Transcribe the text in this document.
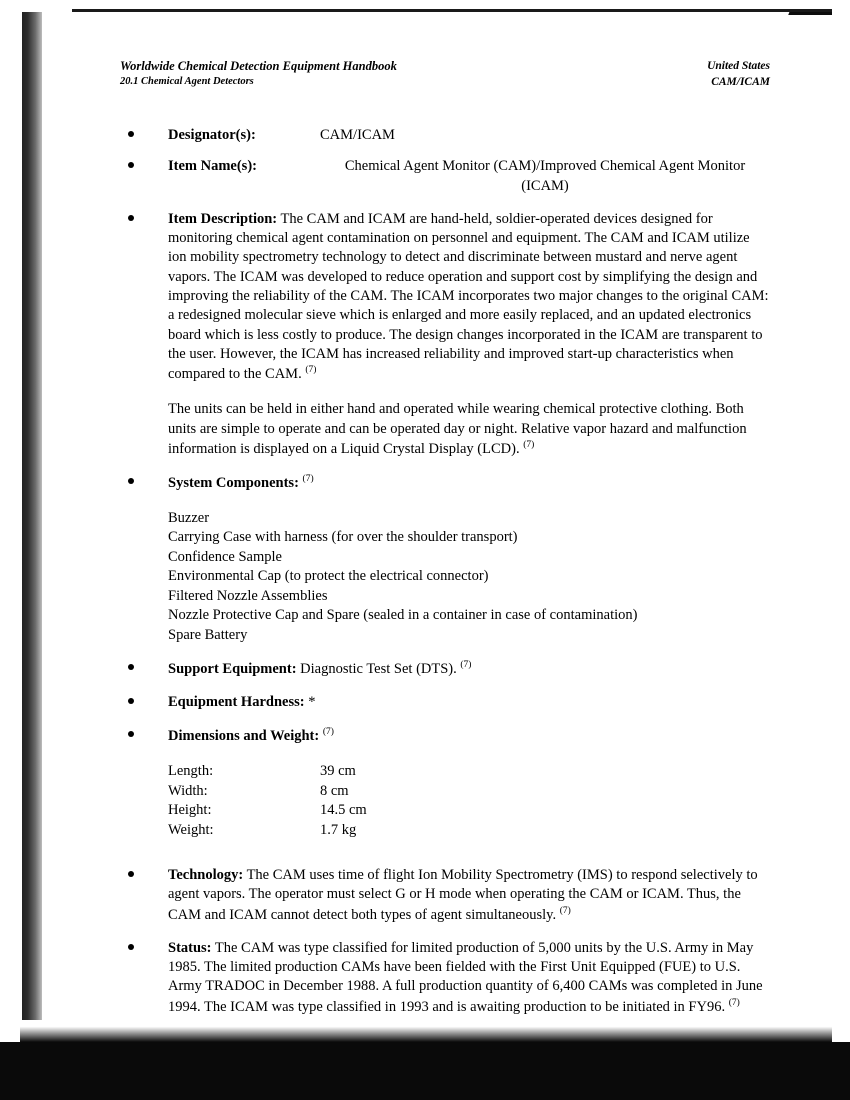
Worldwide Chemical Detection Equipment Handbook
20.1 Chemical Agent Detectors
United States
CAM/ICAM
Designator(s):	CAM/ICAM
Item Name(s):	Chemical Agent Monitor (CAM)/Improved Chemical Agent Monitor
(ICAM)
Item Description: The CAM and ICAM are hand-held, soldier-operated devices designed for monitoring chemical agent contamination on personnel and equipment. The CAM and ICAM utilize ion mobility spectrometry technology to detect and discriminate between mustard and nerve agent vapors. The ICAM was developed to reduce operation and support cost by simplifying the design and improving the reliability of the CAM. The ICAM incorporates two major changes to the original CAM: a redesigned molecular sieve which is enlarged and more easily replaced, and an updated electronics board which is less costly to produce. The design changes incorporated in the ICAM are transparent to the user. However, the ICAM has increased reliability and improved start-up characteristics when compared to the CAM. $^{(7)}$
The units can be held in either hand and operated while wearing chemical protective clothing. Both units are simple to operate and can be operated day or night. Relative vapor hazard and malfunction information is displayed on a Liquid Crystal Display (LCD). $^{(7)}$
System Components: $^{(7)}$
Buzzer
Carrying Case with harness (for over the shoulder transport)
Confidence Sample
Environmental Cap (to protect the electrical connector)
Filtered Nozzle Assemblies
Nozzle Protective Cap and Spare (sealed in a container in case of contamination)
Spare Battery
Support Equipment: Diagnostic Test Set (DTS). $^{(7)}$
Equipment Hardness: *
Dimensions and Weight: $^{(7)}$
Length:	39 cm
Width:	8 cm
Height:	14.5 cm
Weight:	1.7 kg
Technology: The CAM uses time of flight Ion Mobility Spectrometry (IMS) to respond selectively to agent vapors. The operator must select G or H mode when operating the CAM or ICAM. Thus, the CAM and ICAM cannot detect both types of agent simultaneously. $^{(7)}$
Status: The CAM was type classified for limited production of 5,000 units by the U.S. Army in May 1985. The limited production CAMs have been fielded with the First Unit Equipped (FUE) to U.S. Army TRADOC in December 1988. A full production quantity of 6,400 CAMs was completed in June 1994. The ICAM was type classified in 1993 and is awaiting production to be initiated in FY96. $^{(7)}$
